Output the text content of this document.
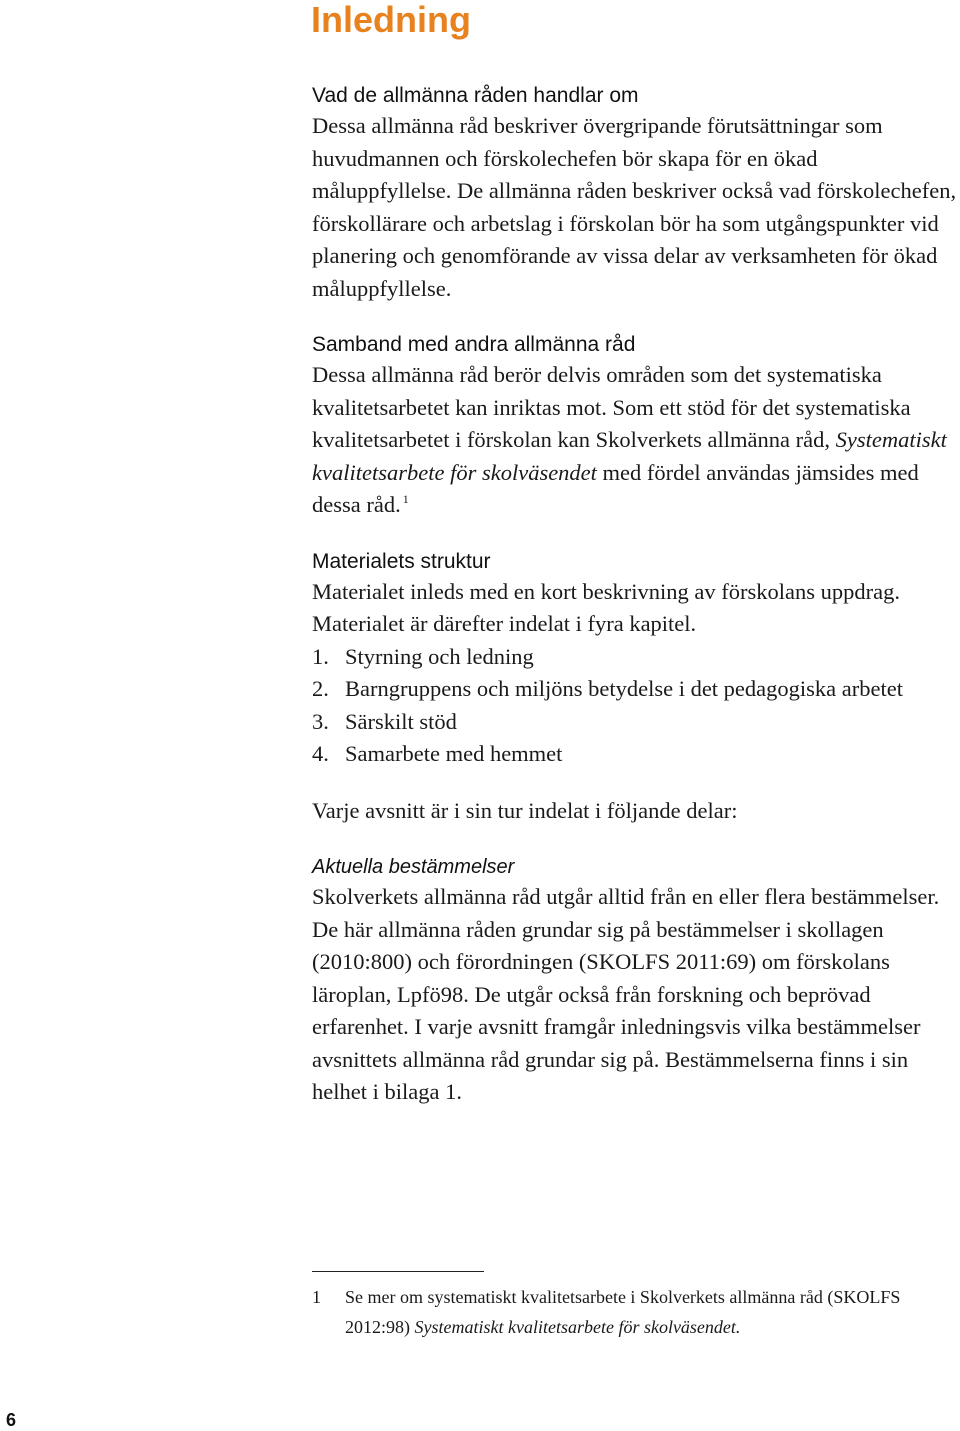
Inledning
Vad de allmänna råden handlar om

Dessa allmänna råd beskriver övergripande förutsättningar som huvudmannen och förskolechefen bör skapa för en ökad måluppfyllelse. De allmänna råden beskriver också vad förskolechefen, förskollärare och arbetslag i förskolan bör ha som utgångspunkter vid planering och genomförande av vissa delar av verksamheten för ökad måluppfyllelse.

Samband med andra allmänna råd

Dessa allmänna råd berör delvis områden som det systematiska kvalitetsarbetet kan inriktas mot. Som ett stöd för det systematiska kvalitetsarbetet i förskolan kan Skolverkets allmänna råd, Systematiskt kvalitetsarbete för skolväsendet med fördel användas jämsides med dessa råd. $^1$

Materialets struktur

Materialet inleds med en kort beskrivning av förskolans uppdrag. Materialet är därefter indelat i fyra kapitel.

1. Styrning och ledning
2. Barngruppens och miljöns betydelse i det pedagogiska arbetet
3. Särskilt stöd
4. Samarbete med hemmet

Varje avsnitt är i sin tur indelat i följande delar:

Aktuella bestämmelser

Skolverkets allmänna råd utgår alltid från en eller flera bestämmelser. De här allmänna råden grundar sig på bestämmelser i skollagen (2010:800) och förordningen (SKOLFS 2011:69) om förskolans läroplan, Lpfö98. De utgår också från forskning och beprövad erfarenhet. I varje avsnitt framgår inledningsvis vilka bestämmelser avsnittets allmänna råd grundar sig på. Bestämmelserna finns i sin helhet i bilaga 1.

1	Se mer om systematiskt kvalitetsarbete i Skolverkets allmänna råd (SKOLFS 2012:98) Systematiskt kvalitetsarbete för skolväsendet.
6
